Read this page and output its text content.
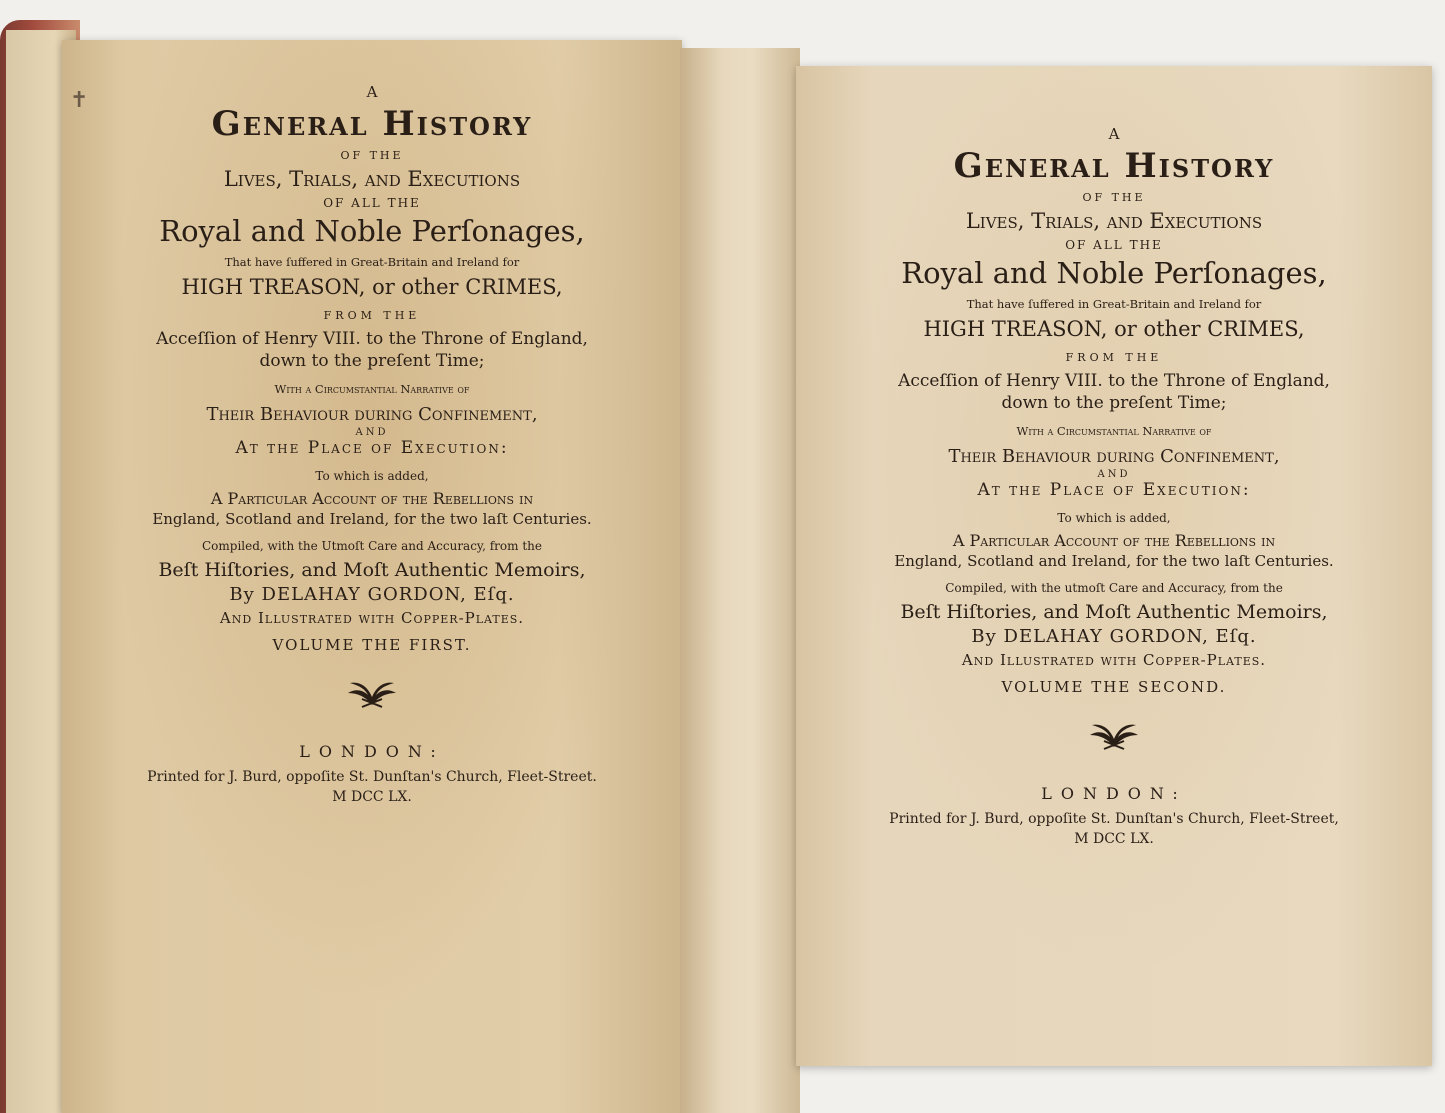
✝	A
General History
OF THE
Lives, Trials, and Executions
OF ALL THE
Royal and Noble Perſonages,
That have ſuffered in Great-Britain and Ireland for
HIGH TREASON, or other CRIMES,
FROM THE
Acceſſion of Henry VIII. to the Throne of England,
down to the preſent Time;
With a Circumstantial Narrative of
Their Behaviour during Confinement,
AND
At the Place of Execution:
To which is added,
A Particular Account of the Rebellions in
England, Scotland and Ireland, for the two laſt Centuries.
Compiled, with the Utmoſt Care and Accuracy, from the
Beſt Hiſtories, and Moſt Authentic Memoirs,
By DELAHAY GORDON, Eſq.
And Illustrated with Copper-Plates.
VOLUME THE FIRST.
LONDON:
Printed for J. Burd, oppoſite St. Dunſtan's Church, Fleet-Street.
M DCC LX.
A
General History
OF THE
Lives, Trials, and Executions
OF ALL THE
Royal and Noble Perſonages,
That have ſuffered in Great-Britain and Ireland for
HIGH TREASON, or other CRIMES,
FROM THE
Acceſſion of Henry VIII. to the Throne of England,
down to the preſent Time;
With a Circumstantial Narrative of
Their Behaviour during Confinement,
AND
At the Place of Execution:
To which is added,
A Particular Account of the Rebellions in
England, Scotland and Ireland, for the two laſt Centuries.
Compiled, with the utmoſt Care and Accuracy, from the
Beſt Hiſtories, and Moſt Authentic Memoirs,
By DELAHAY GORDON, Eſq.
And Illustrated with Copper-Plates.
VOLUME THE SECOND.
LONDON:
Printed for J. Burd, oppoſite St. Dunſtan's Church, Fleet-Street,
M DCC LX.
